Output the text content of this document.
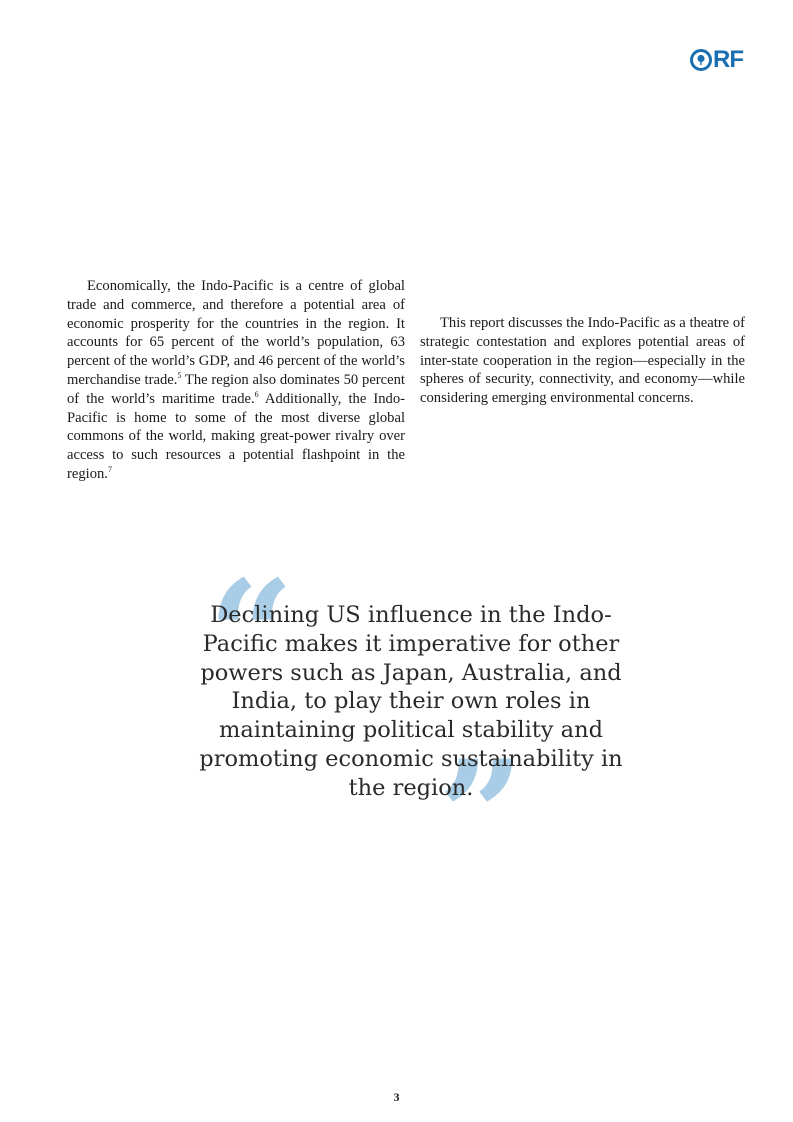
RF

Economically, the Indo-Pacific is a centre of global trade and commerce, and therefore a potential area of economic prosperity for the countries in the region. It accounts for 65 percent of the world’s population, 63 percent of the world’s GDP, and 46 percent of the world’s merchandise trade.$^5$ The region also dominates 50 percent of the world’s maritime trade.$^6$ Additionally, the Indo-Pacific is home to some of the most diverse global commons of the world, making great-power rivalry over access to such resources a potential flashpoint in the region.$^7$

This report discusses the Indo-Pacific as a theatre of strategic contestation and explores potential areas of inter-state cooperation in the region—especially in the spheres of security, connectivity, and economy—while considering emerging environmental concerns.

“
Declining US influence in the Indo-Pacific makes it imperative for other powers such as Japan, Australia, and India, to play their own roles in maintaining political stability and promoting economic sustainability in the region.
”
3
